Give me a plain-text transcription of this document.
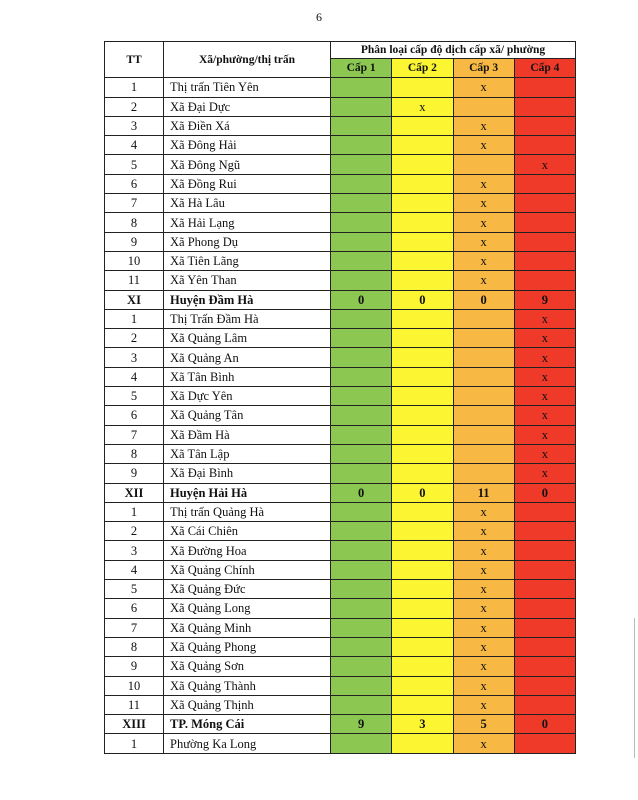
6
TT	Xã/phường/thị trấn	Phân loại cấp độ dịch cấp xã/ phường			
		Cấp 1	Cấp 2	Cấp 3	Cấp 4
1	Thị trấn Tiên Yên			x	
2	Xã Đại Dực		x		
3	Xã Điền Xá			x	
4	Xã Đông Hải			x	
5	Xã Đông Ngũ				x
6	Xã Đồng Rui			x	
7	Xã Hà Lâu			x	
8	Xã Hải Lạng			x	
9	Xã Phong Dụ			x	
10	Xã Tiên Lãng			x	
11	Xã Yên Than			x	
XI	Huyện Đầm Hà	0	0	0	9
1	Thị Trấn Đầm Hà				x
2	Xã Quảng Lâm				x
3	Xã Quảng An				x
4	Xã Tân Bình				x
5	Xã Dực Yên				x
6	Xã Quảng Tân				x
7	Xã Đầm Hà				x
8	Xã Tân Lập				x
9	Xã Đại Bình				x
XII	Huyện Hải Hà	0	0	11	0
1	Thị trấn Quảng Hà			x	
2	Xã Cái Chiên			x	
3	Xã Đường Hoa			x	
4	Xã Quảng Chính			x	
5	Xã Quảng Đức			x	
6	Xã Quảng Long			x	
7	Xã Quảng Minh			x	
8	Xã Quảng Phong			x	
9	Xã Quảng Sơn			x	
10	Xã Quảng Thành			x	
11	Xã Quảng Thịnh			x	
XIII	TP. Móng Cái	9	3	5	0
1	Phường Ka Long			x	
